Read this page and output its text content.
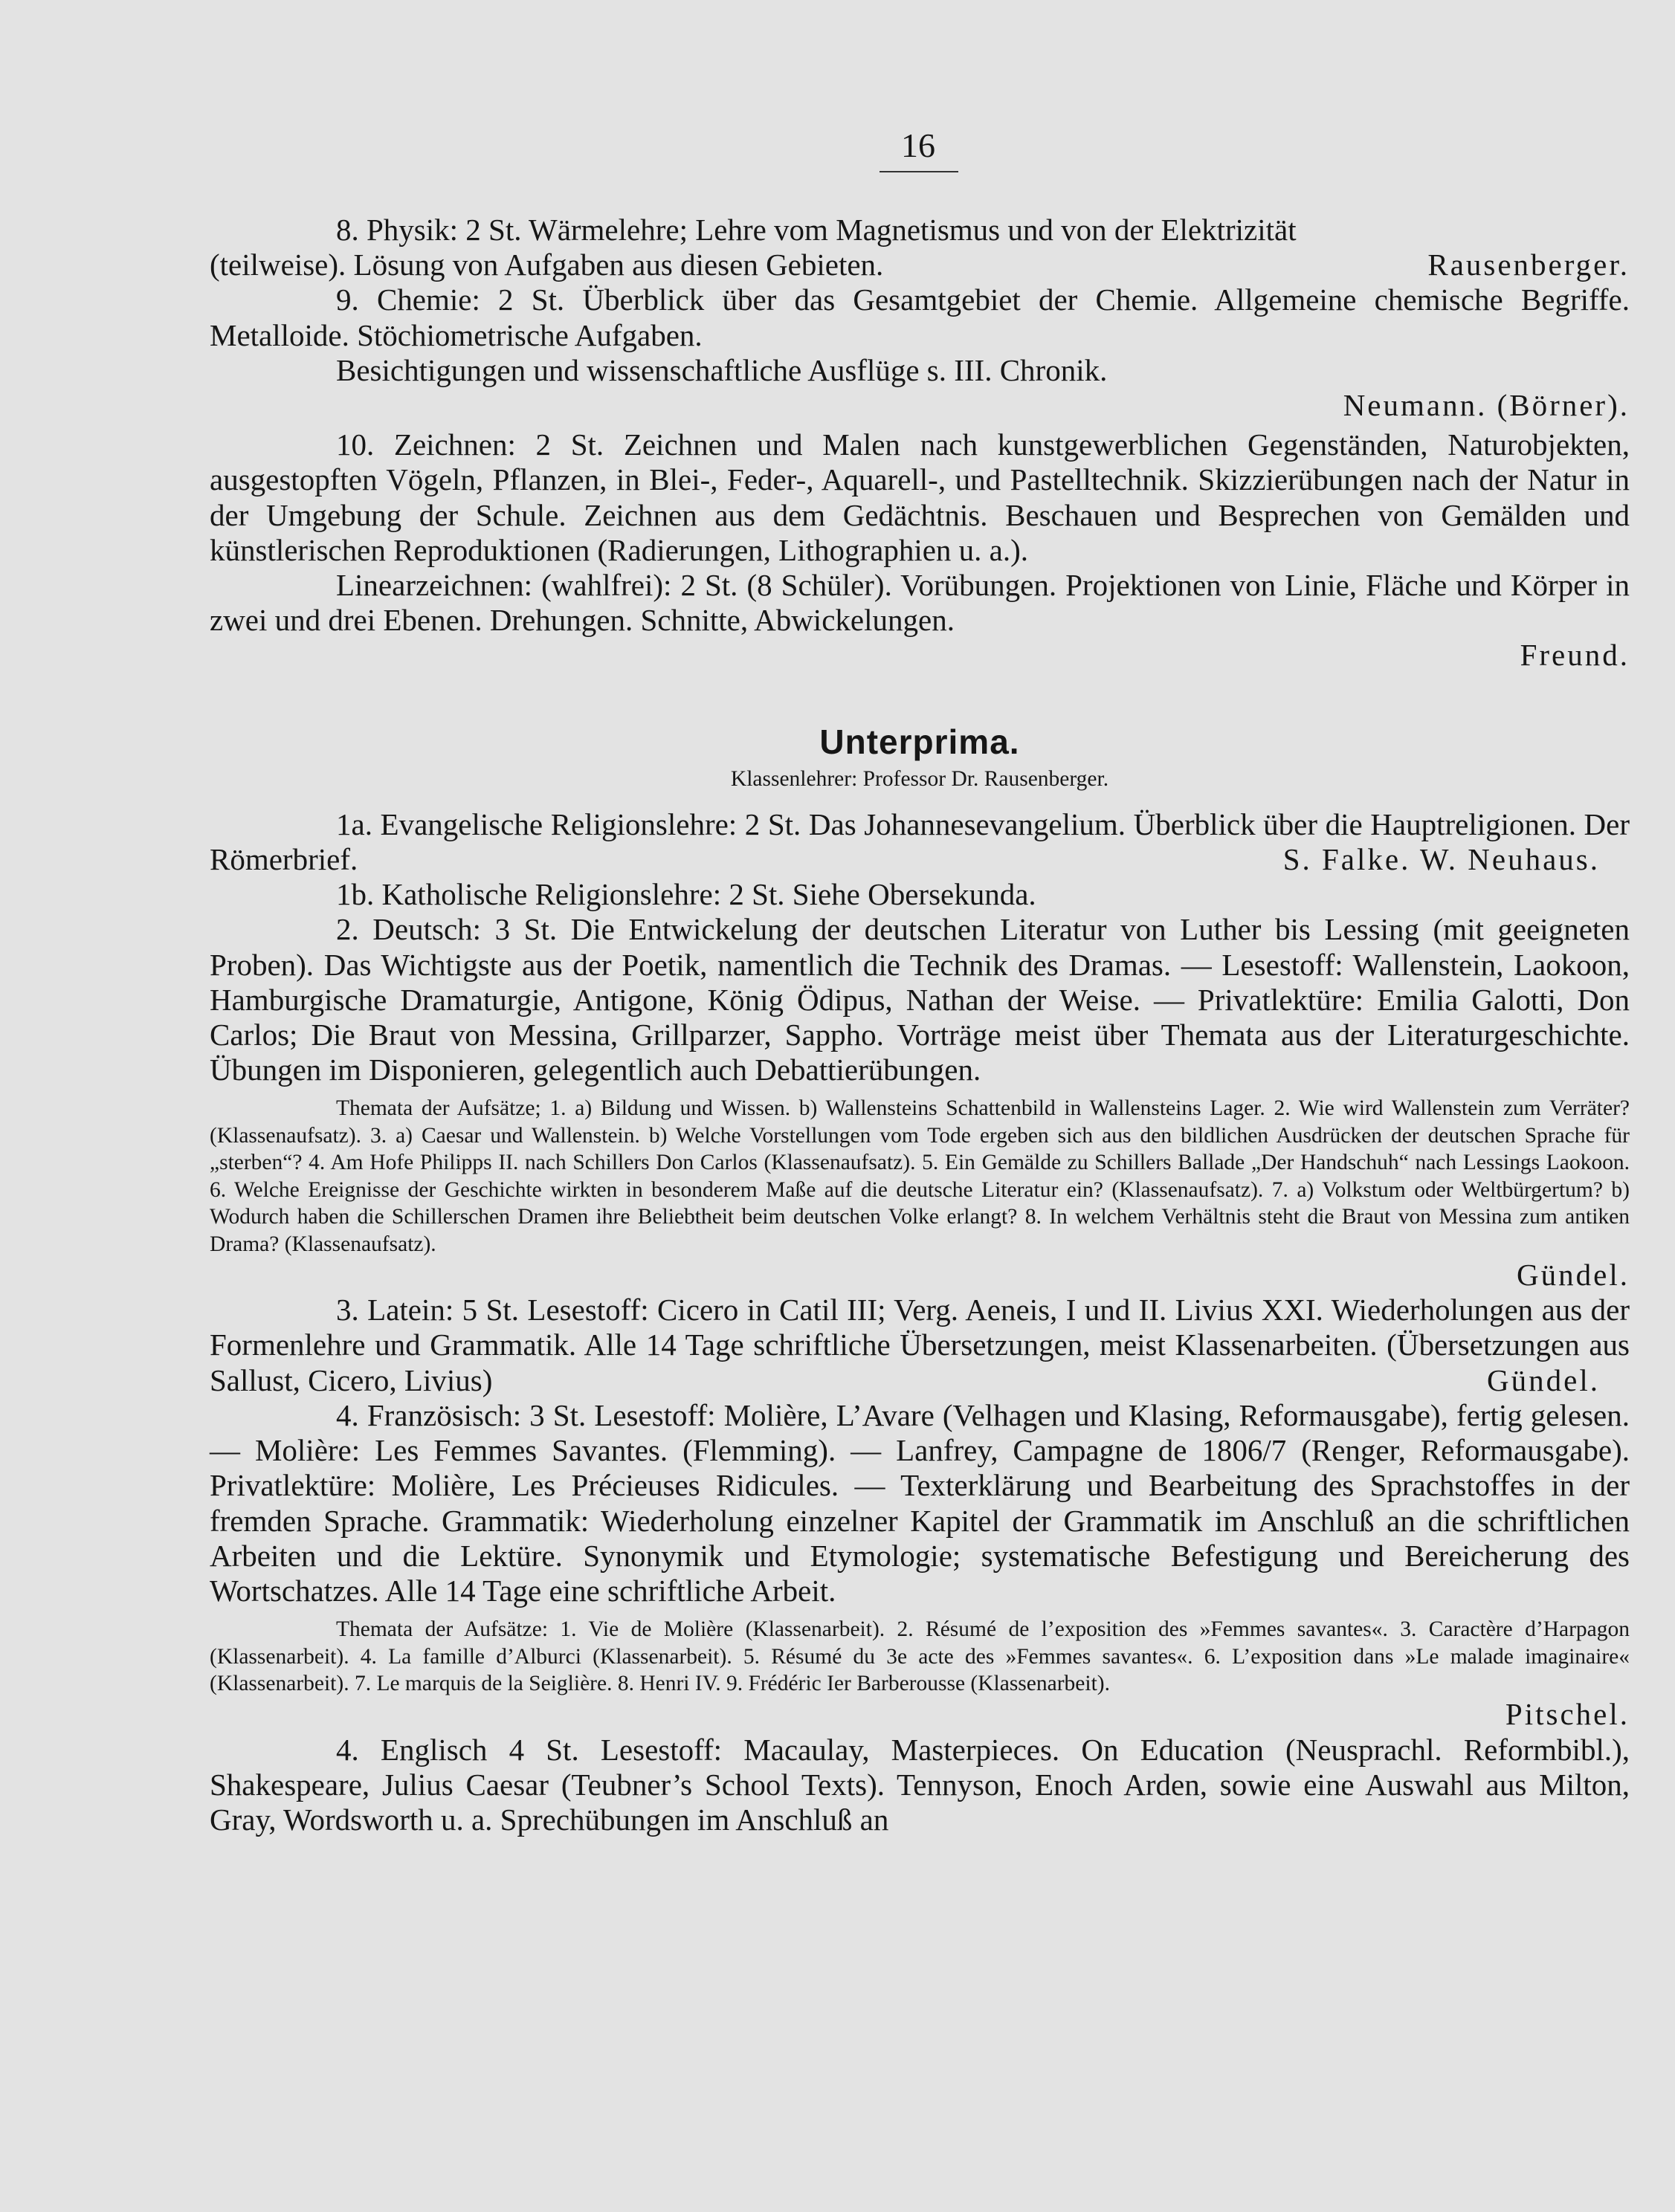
16

8. Physik: 2 St. Wärmelehre; Lehre vom Magnetismus und von der Elektrizität

(teilweise). Lösung von Aufgaben aus diesen Gebieten.	Rausenberger.

9. Chemie: 2 St. Überblick über das Gesamtgebiet der Chemie. Allgemeine chemische Begriffe. Metalloide. Stöchiometrische Aufgaben.

Besichtigungen und wissenschaftliche Ausflüge s. III. Chronik.

Neumann. (Börner).

10. Zeichnen: 2 St. Zeichnen und Malen nach kunstgewerblichen Gegenständen, Naturobjekten, ausgestopften Vögeln, Pflanzen, in Blei-, Feder-, Aquarell-, und Pastelltechnik. Skizzierübungen nach der Natur in der Umgebung der Schule. Zeichnen aus dem Gedächtnis. Beschauen und Besprechen von Gemälden und künstlerischen Reproduktionen (Radierungen, Lithographien u. a.).

Linearzeichnen: (wahlfrei): 2 St. (8 Schüler). Vorübungen. Projektionen von Linie, Fläche und Körper in zwei und drei Ebenen. Drehungen. Schnitte, Abwickelungen.

Freund.

Unterprima.
Klassenlehrer: Professor Dr. Rausenberger.

1a. Evangelische Religionslehre: 2 St. Das Johannesevangelium. Überblick über die Hauptreligionen. Der Römerbrief.	S. Falke. W. Neuhaus.

1b. Katholische Religionslehre: 2 St. Siehe Obersekunda.

2. Deutsch: 3 St. Die Entwickelung der deutschen Literatur von Luther bis Lessing (mit geeigneten Proben). Das Wichtigste aus der Poetik, namentlich die Technik des Dramas. — Lesestoff: Wallenstein, Laokoon, Hamburgische Dramaturgie, Antigone, König Ödipus, Nathan der Weise. — Privatlektüre: Emilia Galotti, Don Carlos; Die Braut von Messina, Grillparzer, Sappho. Vorträge meist über Themata aus der Literaturgeschichte. Übungen im Disponieren, gelegentlich auch Debattierübungen.

Themata der Aufsätze; 1. a) Bildung und Wissen. b) Wallensteins Schattenbild in Wallensteins Lager. 2. Wie wird Wallenstein zum Verräter? (Klassenaufsatz). 3. a) Caesar und Wallenstein. b) Welche Vorstellungen vom Tode ergeben sich aus den bildlichen Ausdrücken der deutschen Sprache für „sterben“? 4. Am Hofe Philipps II. nach Schillers Don Carlos (Klassenaufsatz). 5. Ein Gemälde zu Schillers Ballade „Der Handschuh“ nach Lessings Laokoon. 6. Welche Ereignisse der Geschichte wirkten in besonderem Maße auf die deutsche Literatur ein? (Klassenaufsatz). 7. a) Volkstum oder Weltbürgertum? b) Wodurch haben die Schillerschen Dramen ihre Beliebtheit beim deutschen Volke erlangt? 8. In welchem Verhältnis steht die Braut von Messina zum antiken Drama? (Klassenaufsatz).

Gündel.

3. Latein: 5 St. Lesestoff: Cicero in Catil III; Verg. Aeneis, I und II. Livius XXI. Wiederholungen aus der Formenlehre und Grammatik. Alle 14 Tage schriftliche Übersetzungen, meist Klassenarbeiten. (Übersetzungen aus Sallust, Cicero, Livius)	Gündel.

4. Französisch: 3 St. Lesestoff: Molière, L’Avare (Velhagen und Klasing, Reformausgabe), fertig gelesen. — Molière: Les Femmes Savantes. (Flemming). — Lanfrey, Campagne de 1806/7 (Renger, Reformausgabe). Privatlektüre: Molière, Les Précieuses Ridicules. — Texterklärung und Bearbeitung des Sprachstoffes in der fremden Sprache. Grammatik: Wiederholung einzelner Kapitel der Grammatik im Anschluß an die schriftlichen Arbeiten und die Lektüre. Synonymik und Etymologie; systematische Befestigung und Bereicherung des Wortschatzes. Alle 14 Tage eine schriftliche Arbeit.

Themata der Aufsätze: 1. Vie de Molière (Klassenarbeit). 2. Résumé de l’exposition des »Femmes savantes«. 3. Caractère d’Harpagon (Klassenarbeit). 4. La famille d’Alburci (Klassenarbeit). 5. Résumé du 3e acte des »Femmes savantes«. 6. L’exposition dans »Le malade imaginaire« (Klassenarbeit). 7. Le marquis de la Seiglière. 8. Henri IV. 9. Frédéric Ier Barberousse (Klassenarbeit).

Pitschel.

4. Englisch 4 St. Lesestoff: Macaulay, Masterpieces. On Education (Neusprachl. Reformbibl.), Shakespeare, Julius Caesar (Teubner’s School Texts). Tennyson, Enoch Arden, sowie eine Auswahl aus Milton, Gray, Wordsworth u. a. Sprechübungen im Anschluß an
